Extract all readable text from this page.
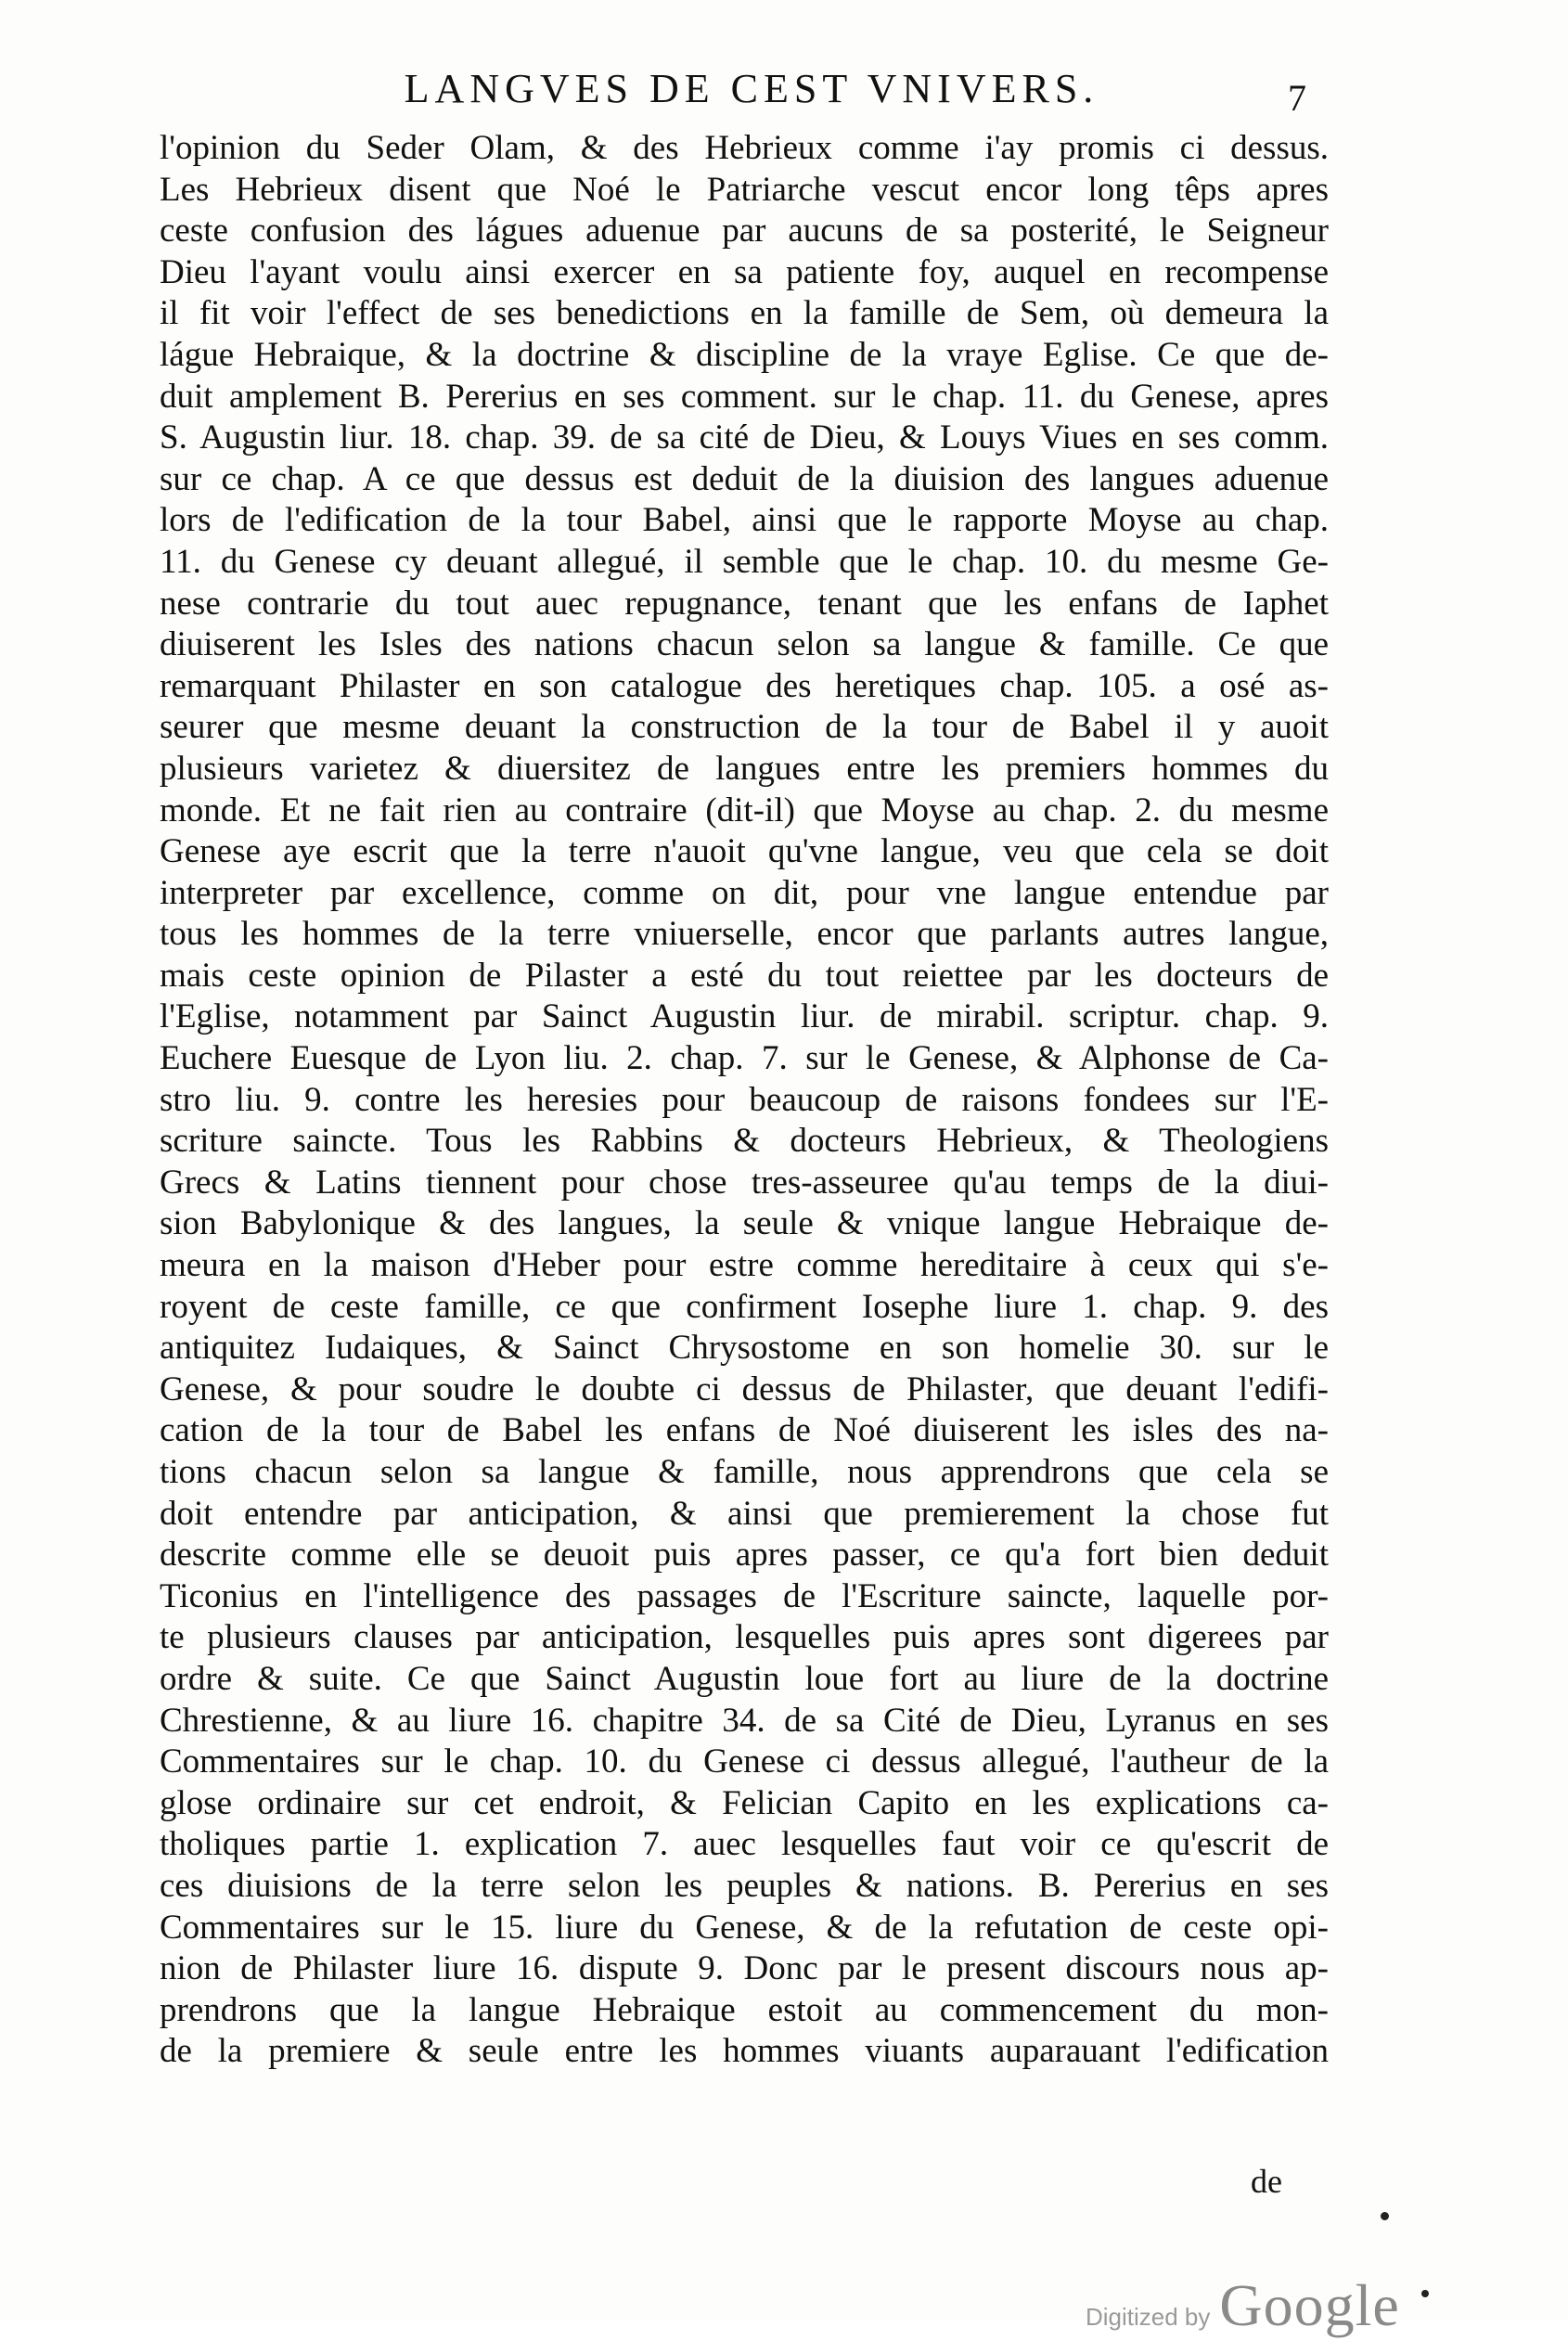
LANGVES DE CEST VNIVERS.	7
l'opinion du Seder Olam, & des Hebrieux comme i'ay promis ci dessus.
Les Hebrieux disent que Noé le Patriarche vescut encor long têps apres
ceste confusion des lágues aduenue par aucuns de sa posterité, le Seigneur
Dieu l'ayant voulu ainsi exercer en sa patiente foy, auquel en recompense
il fit voir l'effect de ses benedictions en la famille de Sem, où demeura la
lágue Hebraique, & la doctrine & discipline de la vraye Eglise. Ce que de-
duit amplement B. Pererius en ses comment. sur le chap. 11. du Genese, apres
S. Augustin liur. 18. chap. 39. de sa cité de Dieu, & Louys Viues en ses comm.
sur ce chap. A ce que dessus est deduit de la diuision des langues aduenue
lors de l'edification de la tour Babel, ainsi que le rapporte Moyse au chap.
11. du Genese cy deuant allegué, il semble que le chap. 10. du mesme Ge-
nese contrarie du tout auec repugnance, tenant que les enfans de Iaphet
diuiserent les Isles des nations chacun selon sa langue & famille. Ce que
remarquant Philaster en son catalogue des heretiques chap. 105. a osé as-
seurer que mesme deuant la construction de la tour de Babel il y auoit
plusieurs varietez & diuersitez de langues entre les premiers hommes du
monde. Et ne fait rien au contraire (dit-il) que Moyse au chap. 2. du mesme
Genese aye escrit que la terre n'auoit qu'vne langue, veu que cela se doit
interpreter par excellence, comme on dit, pour vne langue entendue par
tous les hommes de la terre vniuerselle, encor que parlants autres langue,
mais ceste opinion de Pilaster a esté du tout reiettee par les docteurs de
l'Eglise, notamment par Sainct Augustin liur. de mirabil. scriptur. chap. 9.
Euchere Euesque de Lyon liu. 2. chap. 7. sur le Genese, & Alphonse de Ca-
stro liu. 9. contre les heresies pour beaucoup de raisons fondees sur l'E-
scriture saincte. Tous les Rabbins & docteurs Hebrieux, & Theologiens
Grecs & Latins tiennent pour chose tres-asseuree qu'au temps de la diui-
sion Babylonique & des langues, la seule & vnique langue Hebraique de-
meura en la maison d'Heber pour estre comme hereditaire à ceux qui s'e-
royent de ceste famille, ce que confirment Iosephe liure 1. chap. 9. des
antiquitez Iudaiques, & Sainct Chrysostome en son homelie 30. sur le
Genese, & pour soudre le doubte ci dessus de Philaster, que deuant l'edifi-
cation de la tour de Babel les enfans de Noé diuiserent les isles des na-
tions chacun selon sa langue & famille, nous apprendrons que cela se
doit entendre par anticipation, & ainsi que premierement la chose fut
descrite comme elle se deuoit puis apres passer, ce qu'a fort bien deduit
Ticonius en l'intelligence des passages de l'Escriture saincte, laquelle por-
te plusieurs clauses par anticipation, lesquelles puis apres sont digerees par
ordre & suite. Ce que Sainct Augustin loue fort au liure de la doctrine
Chrestienne, & au liure 16. chapitre 34. de sa Cité de Dieu, Lyranus en ses
Commentaires sur le chap. 10. du Genese ci dessus allegué, l'autheur de la
glose ordinaire sur cet endroit, & Felician Capito en les explications ca-
tholiques partie 1. explication 7. auec lesquelles faut voir ce qu'escrit de
ces diuisions de la terre selon les peuples & nations. B. Pererius en ses
Commentaires sur le 15. liure du Genese, & de la refutation de ceste opi-
nion de Philaster liure 16. dispute 9. Donc par le present discours nous ap-
prendrons que la langue Hebraique estoit au commencement du mon-
de la premiere & seule entre les hommes viuants auparauant l'edification
de
Digitized by Google
